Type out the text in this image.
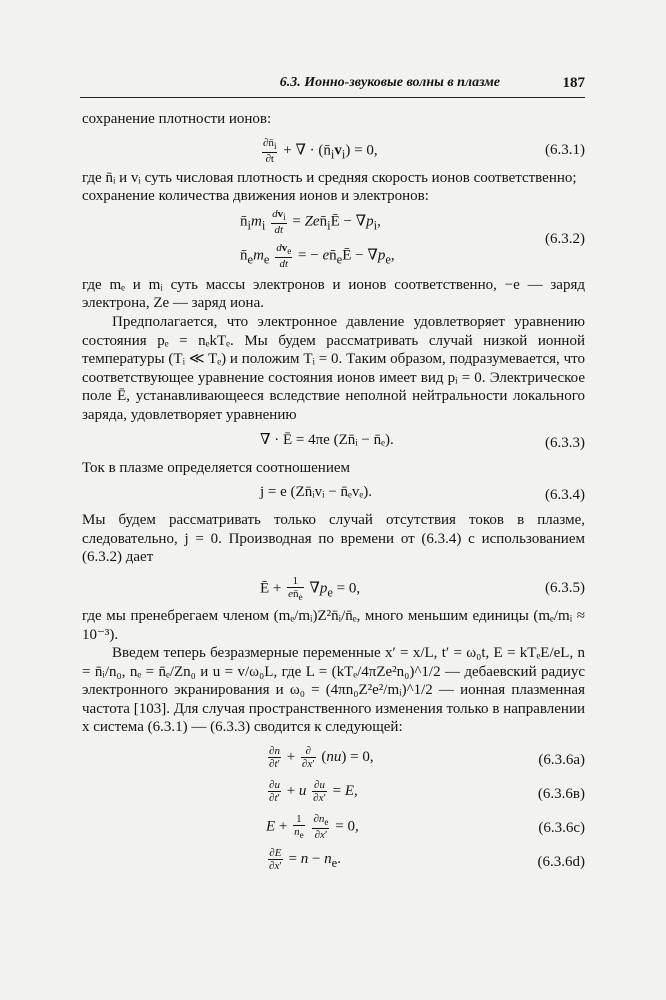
6.3. Ионно-звуковые волны в плазме	187

сохранение плотности ионов:

$\frac{\partial n̄_i}{\partial t}$ + ∇ · $(n̄_iv_i) = 0$,	(6.3.1)

где n̄ᵢ и vᵢ суть числовая плотность и средняя скорость ионов соответственно;

сохранение количества движения ионов и электронов:

$n̄_im_i$
$dv_i$
dt
= $Zen̄_iĒ - \nabla p_i$,
$n̄_em_e$
$dv_e$
dt
= − $en̄_eĒ - \nabla p_e$,
(6.3.2)

где mₑ и mᵢ суть массы электронов и ионов соответственно, −e — заряд электрона, Ze — заряд иона.

Предполагается, что электронное давление удовлетворяет уравнению состояния pₑ = nₑkTₑ. Мы будем рассматривать случай низкой ионной температуры (Tᵢ ≪ Tₑ) и положим Tᵢ = 0. Таким образом, подразумевается, что соответствующее уравнение состояния ионов имеет вид pᵢ = 0. Электрическое поле Ē, устанавливающееся вследствие неполной нейтральности локального заряда, удовлетворяет уравнению

∇ · Ē = 4πe (Zn̄ᵢ − n̄ₑ).	(6.3.3)

Ток в плазме определяется соотношением

j = e (Zn̄ᵢvᵢ − n̄ₑvₑ).	(6.3.4)

Мы будем рассматривать только случай отсутствия токов в плазме, следовательно, j = 0. Производная по времени от (6.3.4) с использованием (6.3.2) дает

Ē + $\frac{1}{en̄_e} \nabla p_e = 0$,	(6.3.5)

где мы пренебрегаем членом (mₑ/mᵢ)Z²n̄ᵢ/n̄ₑ, много меньшим единицы (mₑ/mᵢ ≈ 10⁻³).

Введем теперь безразмерные переменные x′ = x/L, t′ = ω₀t, E = kTₑE/eL, n = n̄ᵢ/n₀, nₑ = n̄ₑ/Zn₀ и u = v/ω₀L, где L = (kTₑ/4πZe²n₀)^1/2 — дебаевский радиус электронного экранирования и ω₀ = (4πn₀Z²e²/mᵢ)^1/2 — ионная плазменная частота [103]. Для случая пространственного изменения только в направлении x система (6.3.1) — (6.3.3) сводится к следующей:

$\frac{\partial n}{\partial t'}$ + ∂
∂x′ (nu) = 0,	(6.3.6a)
$\frac{\partial u}{\partial t'} + u \frac{\partial u}{\partial x'} = E$,	(6.3.6в)
$E + \frac{1}{n_e}$
$\frac{\partial n_e}{\partial x'} = 0$,	(6.3.6c)
$\frac{\partial E}{\partial x'} = n - n_e$.	(6.3.6d)
